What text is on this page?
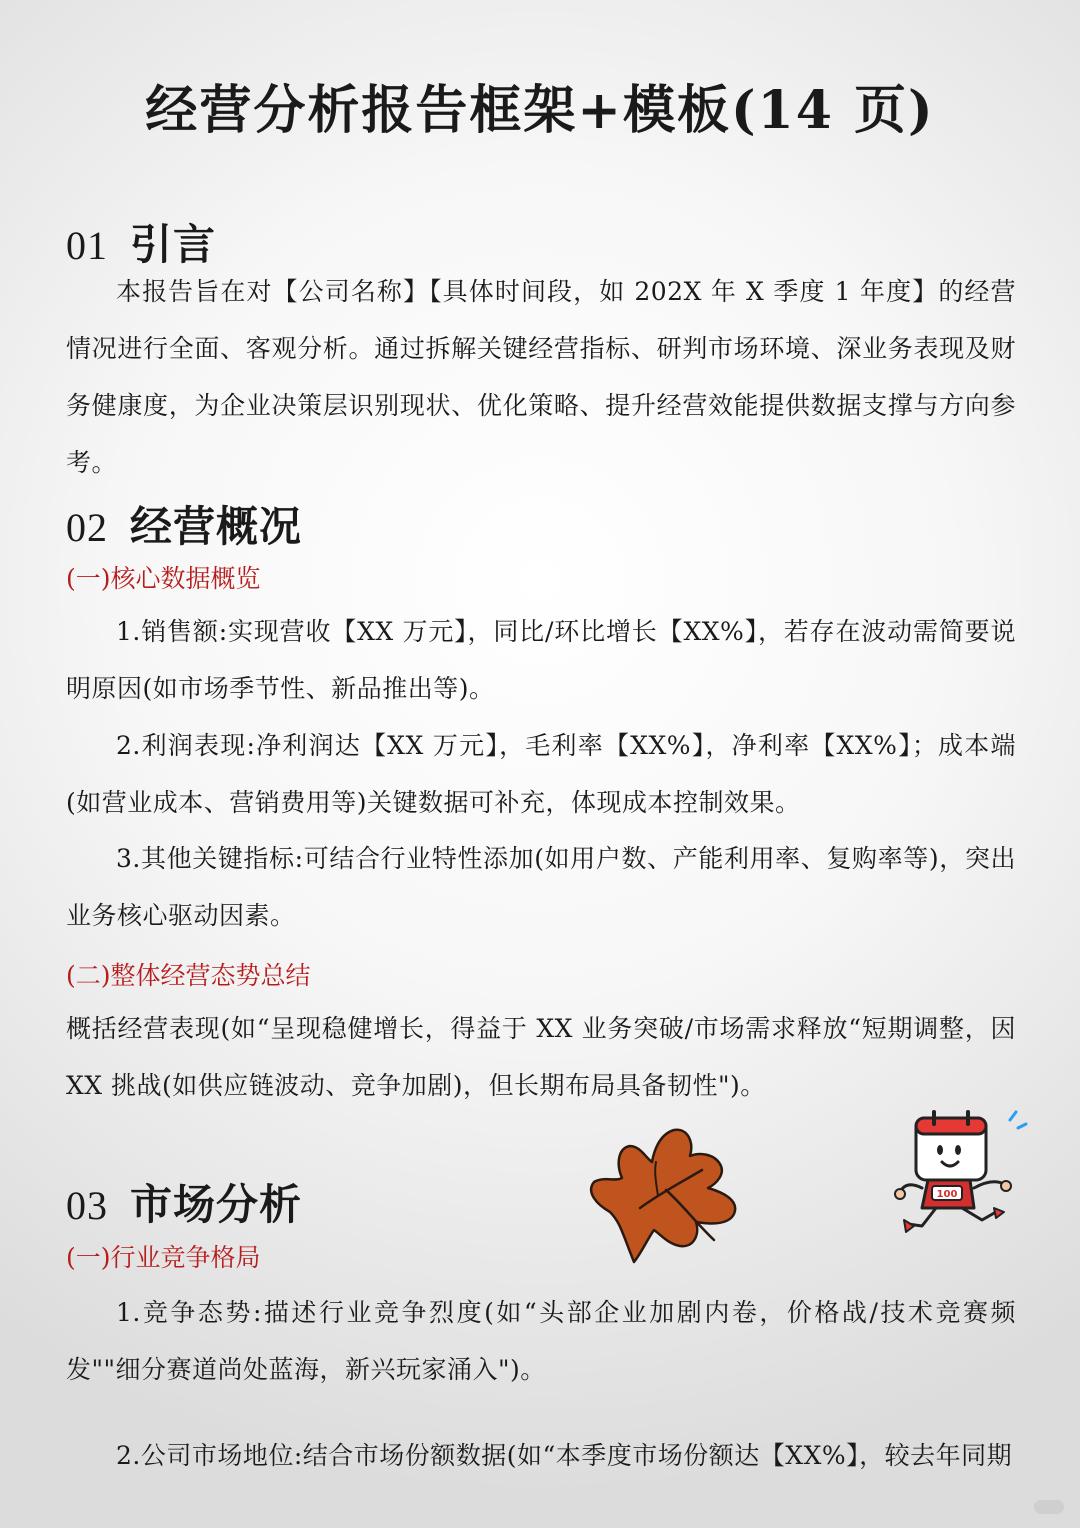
经营分析报告框架+模板(14 页)
01 引言

本报告旨在对【公司名称】【具体时间段，如 202X 年 X 季度 1 年度】的经营情况进行全面、客观分析。通过拆解关键经营指标、研判市场环境、深业务表现及财务健康度，为企业决策层识别现状、优化策略、提升经营效能提供数据支撑与方向参考。

02 经营概况

(一)核心数据概览

1.销售额:实现营收【XX 万元】，同比/环比增长【XX%】，若存在波动需简要说明原因(如市场季节性、新品推出等)。

2.利润表现:净利润达【XX 万元】，毛利率【XX%】，净利率【XX%】；成本端(如营业成本、营销费用等)关键数据可补充，体现成本控制效果。

3.其他关键指标:可结合行业特性添加(如用户数、产能利用率、复购率等)，突出业务核心驱动因素。

(二)整体经营态势总结

概括经营表现(如“呈现稳健增长，得益于 XX 业务突破/市场需求释放“短期调整，因 XX 挑战(如供应链波动、竞争加剧)，但长期布局具备韧性")。

03 市场分析

(一)行业竞争格局

1.竞争态势:描述行业竞争烈度(如“头部企业加剧内卷，价格战/技术竞赛频发""细分赛道尚处蓝海，新兴玩家涌入")。

2.公司市场地位:结合市场份额数据(如“本季度市场份额达【XX%】，较去年同期

100
